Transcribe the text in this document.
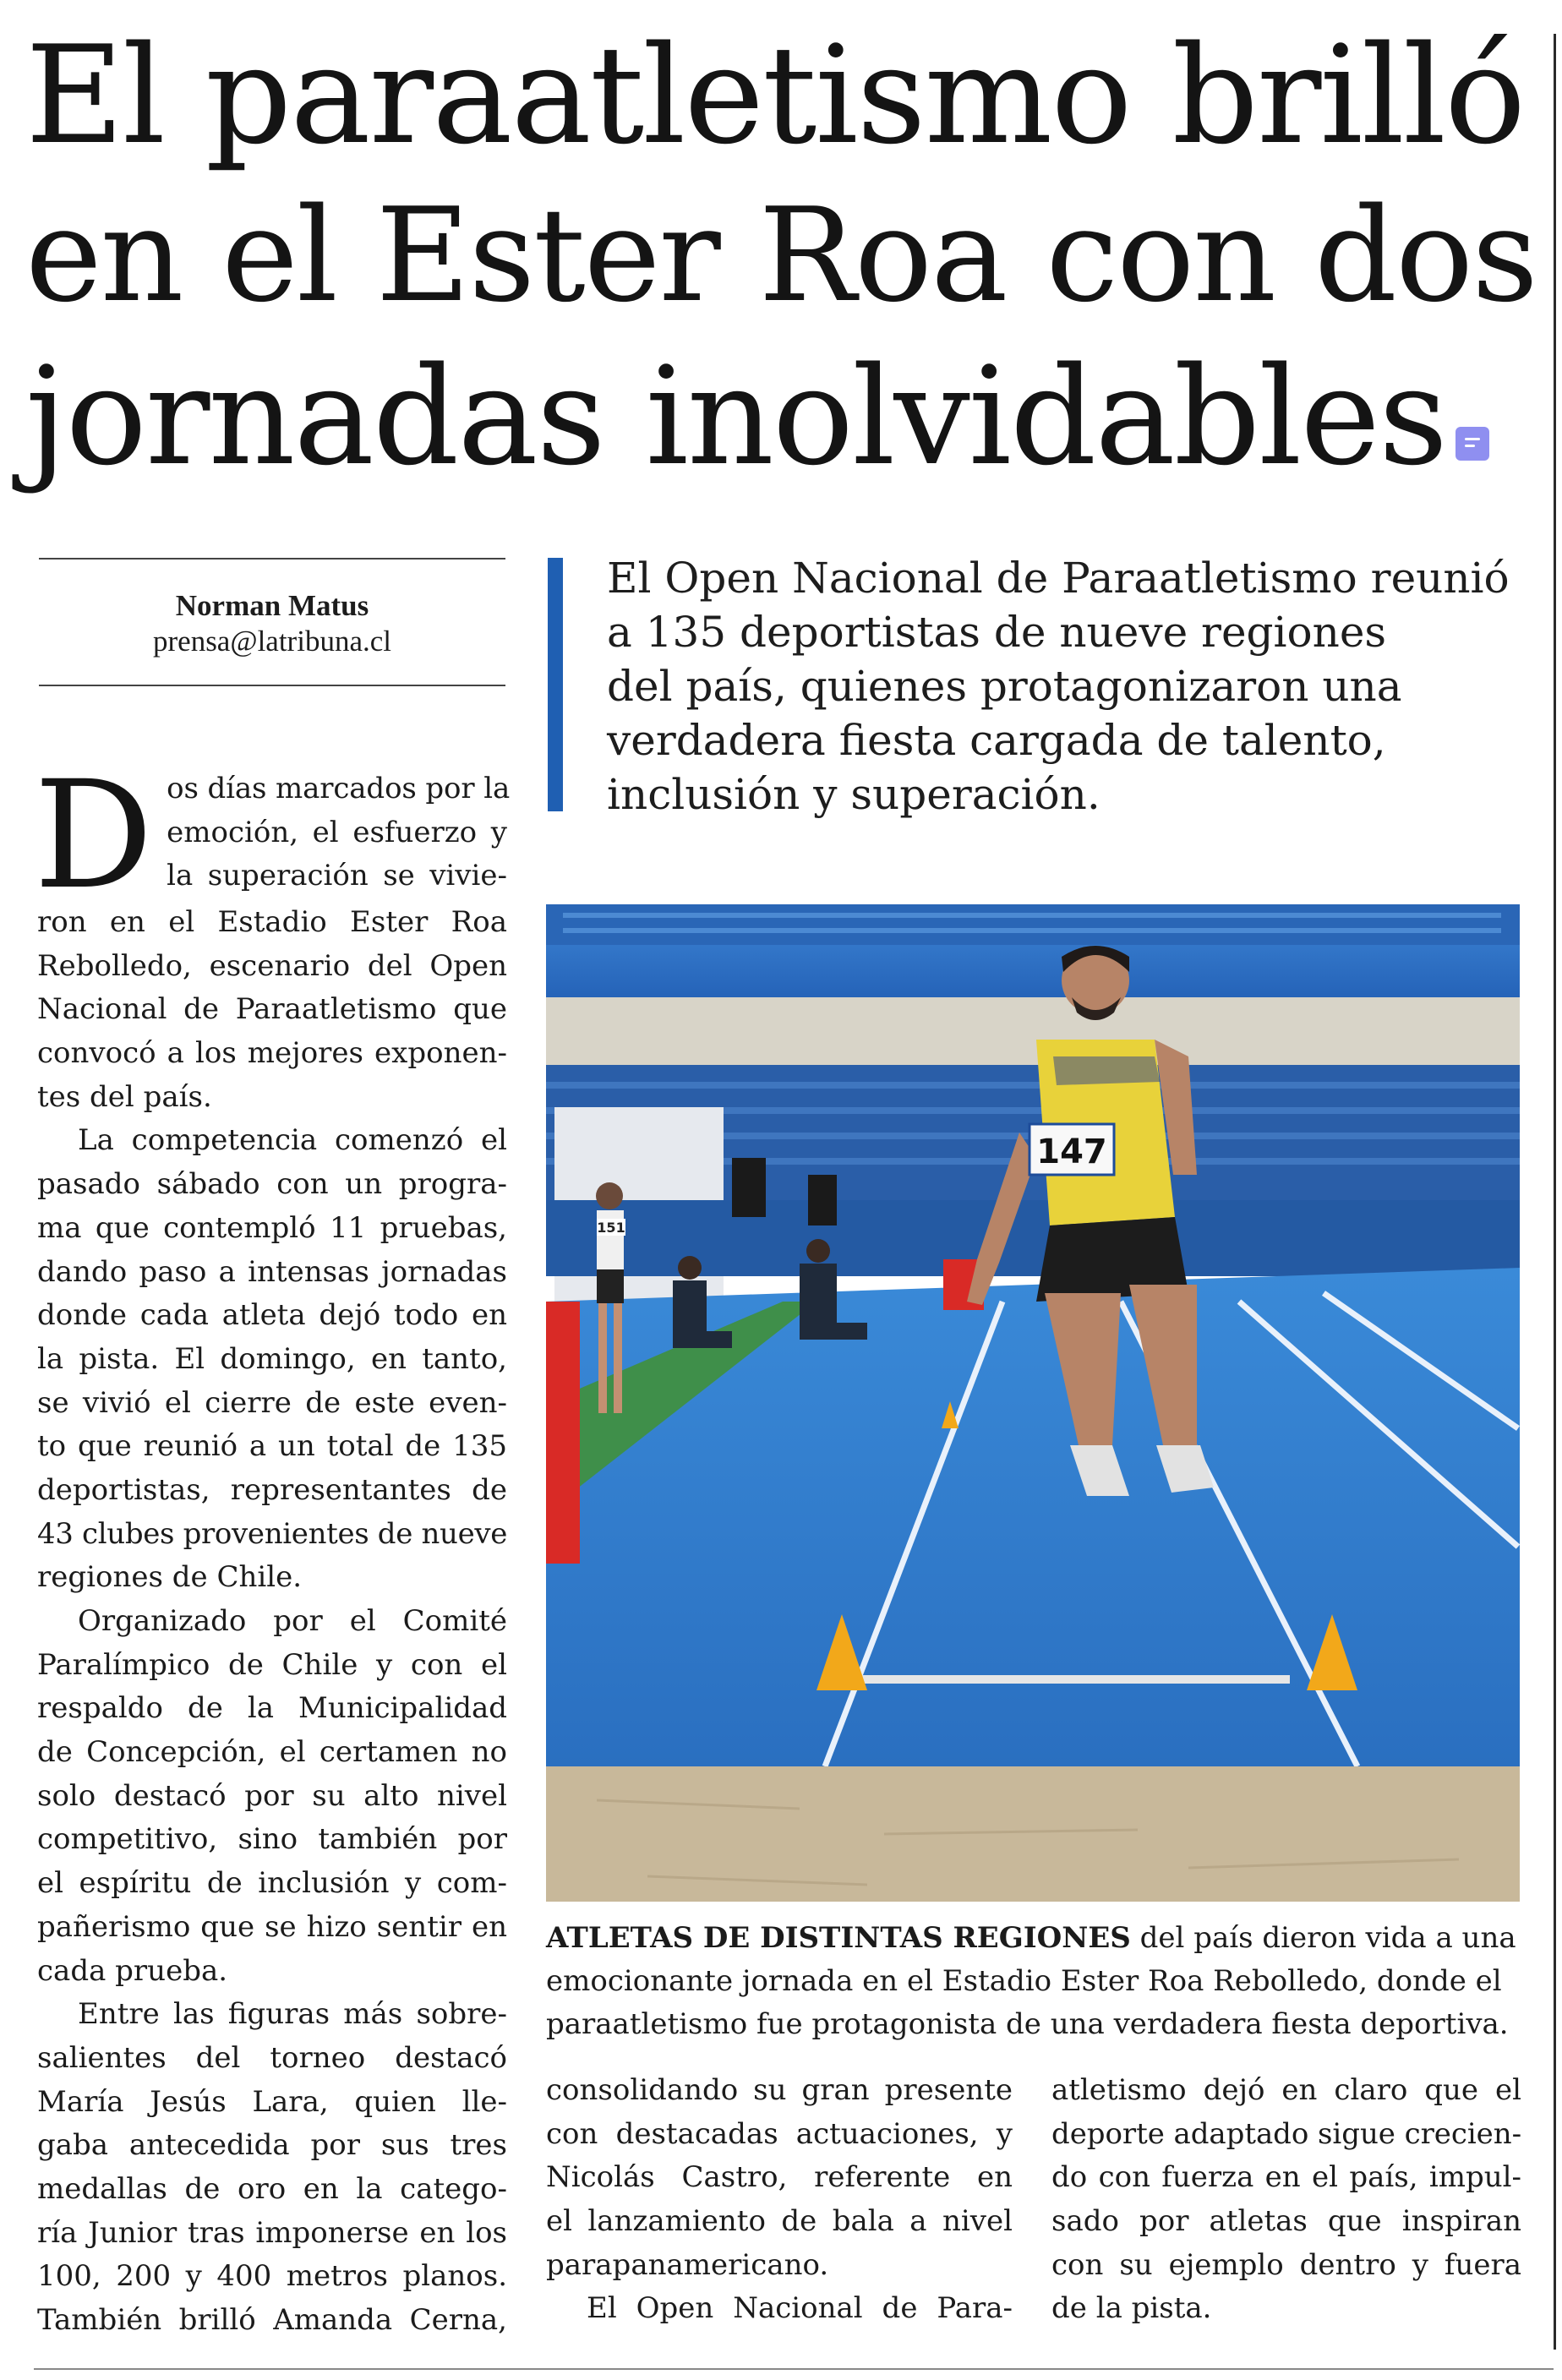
El paraatletismo brilló
en el Ester Roa con dos
jornadas inolvidables
Norman Matus
prensa@latribuna.cl

El Open Nacional de Paraatletismo reunió
a 135 deportistas de nueve regiones
del país, quienes protagonizaron una
verdadera fiesta cargada de talento,
inclusión y superación.

D os días marcados por la
emoción, el esfuerzo y
la superación se vivie-
ron en el Estadio Ester Roa
Rebolledo, escenario del Open
Nacional de Paraatletismo que
convocó a los mejores exponen-
tes del país.
La competencia comenzó el
pasado sábado con un progra-
ma que contempló 11 pruebas,
dando paso a intensas jornadas
donde cada atleta dejó todo en
la pista. El domingo, en tanto,
se vivió el cierre de este even-
to que reunió a un total de 135
deportistas, representantes de
43 clubes provenientes de nueve
regiones de Chile.
Organizado por el Comité
Paralímpico de Chile y con el
respaldo de la Municipalidad
de Concepción, el certamen no
solo destacó por su alto nivel
competitivo, sino también por
el espíritu de inclusión y com-
pañerismo que se hizo sentir en
cada prueba.
Entre las figuras más sobre-
salientes del torneo destacó
María Jesús Lara, quien lle-
gaba antecedida por sus tres
medallas de oro en la catego-
ría Junior tras imponerse en los
100, 200 y 400 metros planos.
También brilló Amanda Cerna,
147
151

ATLETAS DE DISTINTAS REGIONES del país dieron vida a una
emocionante jornada en el Estadio Ester Roa Rebolledo, donde el
paraatletismo fue protagonista de una verdadera fiesta deportiva.

consolidando su gran presente
con destacadas actuaciones, y
Nicolás Castro, referente en
el lanzamiento de bala a nivel
parapanamericano.
El Open Nacional de Para-
atletismo dejó en claro que el
deporte adaptado sigue crecien-
do con fuerza en el país, impul-
sado por atletas que inspiran
con su ejemplo dentro y fuera
de la pista.
